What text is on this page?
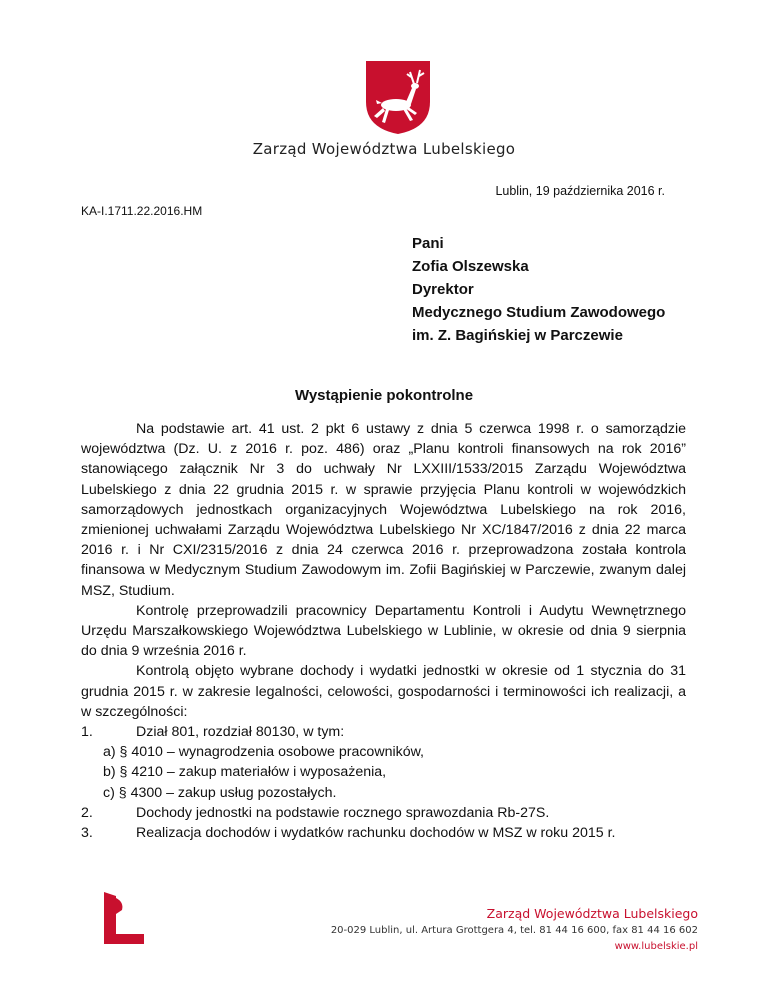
Zarząd Województwa Lubelskiego
Lublin, 19 października 2016 r.
KA-I.1711.22.2016.HM
Pani
Zofia Olszewska
Dyrektor
Medycznego Studium Zawodowego
im. Z. Bagińskiej w Parczewie
Wystąpienie pokontrolne

Na podstawie art. 41 ust. 2 pkt 6 ustawy z dnia 5 czerwca 1998 r. o samorządzie województwa (Dz. U. z 2016 r. poz. 486) oraz „Planu kontroli finansowych na rok 2016” stanowiącego załącznik Nr 3 do uchwały Nr LXXIII/1533/2015 Zarządu Województwa Lubelskiego z dnia 22 grudnia 2015 r. w sprawie przyjęcia Planu kontroli w wojewódzkich samorządowych jednostkach organizacyjnych Województwa Lubelskiego na rok 2016, zmienionej uchwałami Zarządu Województwa Lubelskiego Nr XC/1847/2016 z dnia 22 marca 2016 r. i Nr CXI/2315/2016 z dnia 24 czerwca 2016 r. przeprowadzona została kontrola finansowa w Medycznym Studium Zawodowym im. Zofii Bagińskiej w Parczewie, zwanym dalej MSZ, Studium.

Kontrolę przeprowadzili pracownicy Departamentu Kontroli i Audytu Wewnętrznego Urzędu Marszałkowskiego Województwa Lubelskiego w Lublinie, w okresie od dnia 9 sierpnia do dnia 9 września 2016 r.

Kontrolą objęto wybrane dochody i wydatki jednostki w okresie od 1 stycznia do 31 grudnia 2015 r. w zakresie legalności, celowości, gospodarności i terminowości ich realizacji, a w szczególności:

1.	Dział 801, rozdział 80130, w tym:
a) § 4010 – wynagrodzenia osobowe pracowników,
b) § 4210 – zakup materiałów i wyposażenia,
c) § 4300 – zakup usług pozostałych.
2.	Dochody jednostki na podstawie rocznego sprawozdania Rb-27S.
3.	Realizacja dochodów i wydatków rachunku dochodów w MSZ w roku 2015 r.
Zarząd Województwa Lubelskiego
20-029 Lublin, ul. Artura Grottgera 4, tel. 81 44 16 600, fax 81 44 16 602
www.lubelskie.pl
